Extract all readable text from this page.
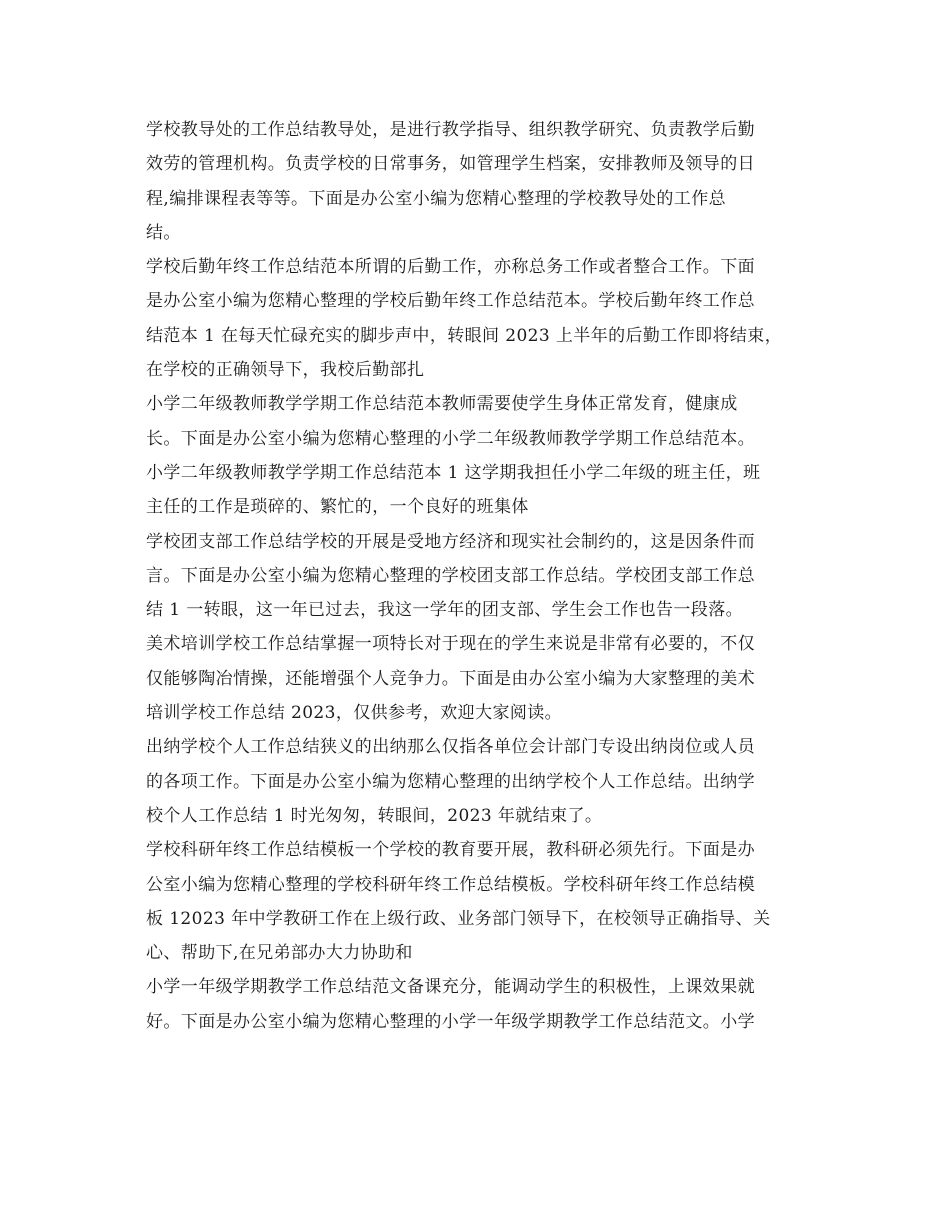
学校教导处的工作总结教导处，是进行教学指导、组织教学研究、负责教学后勤
效劳的管理机构。负责学校的日常事务，如管理学生档案，安排教师及领导的日
程,编排课程表等等。下面是办公室小编为您精心整理的学校教导处的工作总
结。
学校后勤年终工作总结范本所谓的后勤工作，亦称总务工作或者整合工作。下面
是办公室小编为您精心整理的学校后勤年终工作总结范本。学校后勤年终工作总
结范本 1 在每天忙碌充实的脚步声中，转眼间 2023 上半年的后勤工作即将结束，
在学校的正确领导下，我校后勤部扎
小学二年级教师教学学期工作总结范本教师需要使学生身体正常发育，健康成
长。下面是办公室小编为您精心整理的小学二年级教师教学学期工作总结范本。
小学二年级教师教学学期工作总结范本 1 这学期我担任小学二年级的班主任，班
主任的工作是琐碎的、繁忙的，一个良好的班集体
学校团支部工作总结学校的开展是受地方经济和现实社会制约的，这是因条件而
言。下面是办公室小编为您精心整理的学校团支部工作总结。学校团支部工作总
结 1 一转眼，这一年已过去，我这一学年的团支部、学生会工作也告一段落。
美术培训学校工作总结掌握一项特长对于现在的学生来说是非常有必要的，不仅
仅能够陶冶情操，还能增强个人竞争力。下面是由办公室小编为大家整理的美术
培训学校工作总结 2023，仅供参考，欢迎大家阅读。
出纳学校个人工作总结狭义的出纳那么仅指各单位会计部门专设出纳岗位或人员
的各项工作。下面是办公室小编为您精心整理的出纳学校个人工作总结。出纳学
校个人工作总结 1 时光匆匆，转眼间，2023 年就结束了。
学校科研年终工作总结模板一个学校的教育要开展，教科研必须先行。下面是办
公室小编为您精心整理的学校科研年终工作总结模板。学校科研年终工作总结模
板 12023 年中学教研工作在上级行政、业务部门领导下，在校领导正确指导、关
心、帮助下,在兄弟部办大力协助和
小学一年级学期教学工作总结范文备课充分，能调动学生的积极性，上课效果就
好。下面是办公室小编为您精心整理的小学一年级学期教学工作总结范文。小学
